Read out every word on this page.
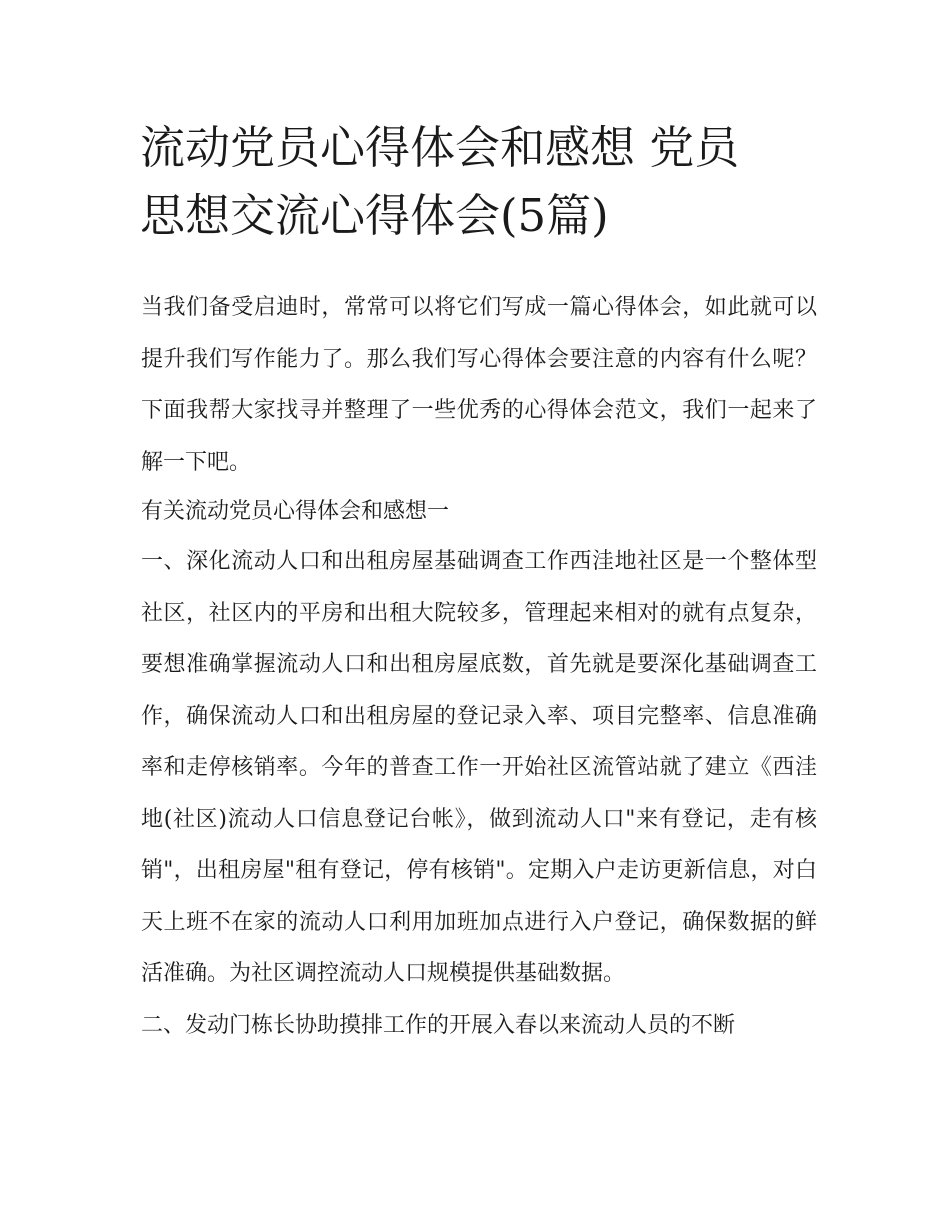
流动党员心得体会和感想 党员
思想交流心得体会(5篇)

当我们备受启迪时，常常可以将它们写成一篇心得体会，如此就可以提升我们写作能力了。那么我们写心得体会要注意的内容有什么呢？下面我帮大家找寻并整理了一些优秀的心得体会范文，我们一起来了解一下吧。

有关流动党员心得体会和感想一

一、深化流动人口和出租房屋基础调查工作西洼地社区是一个整体型社区，社区内的平房和出租大院较多，管理起来相对的就有点复杂，要想准确掌握流动人口和出租房屋底数，首先就是要深化基础调查工作，确保流动人口和出租房屋的登记录入率、项目完整率、信息准确率和走停核销率。今年的普查工作一开始社区流管站就了建立《西洼地(社区)流动人口信息登记台帐》，做到流动人口"来有登记，走有核销"，出租房屋"租有登记，停有核销"。定期入户走访更新信息，对白天上班不在家的流动人口利用加班加点进行入户登记，确保数据的鲜活准确。为社区调控流动人口规模提供基础数据。

二、发动门栋长协助摸排工作的开展入春以来流动人员的不断
